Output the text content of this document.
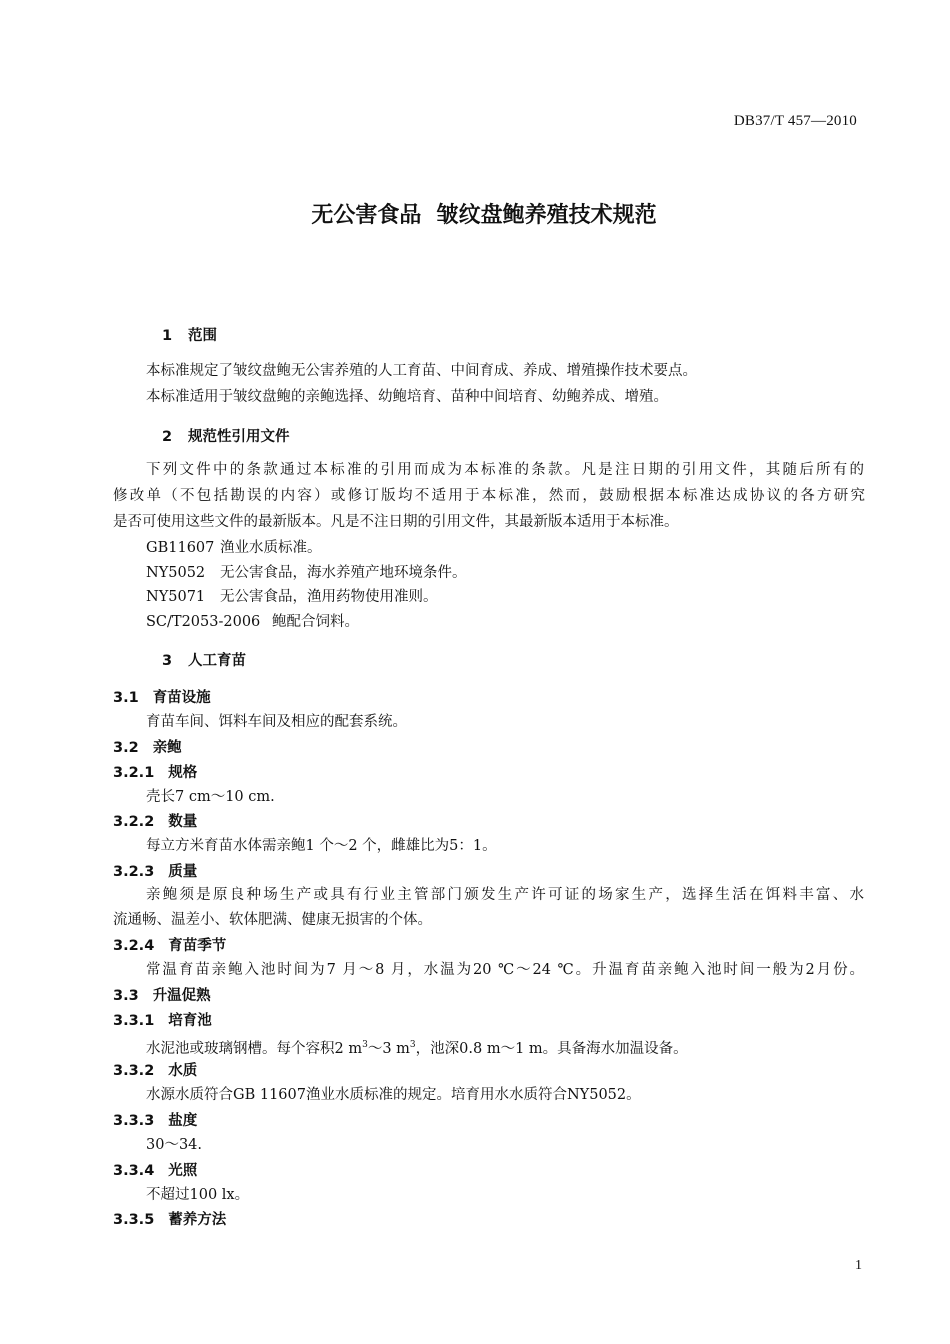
DB37/T 457—2010
无公害食品  皱纹盘鲍养殖技术规范
1 范围
本标准规定了皱纹盘鲍无公害养殖的人工育苗、中间育成、养成、增殖操作技术要点。
本标准适用于皱纹盘鲍的亲鲍选择、幼鲍培育、苗种中间培育、幼鲍养成、增殖。
2 规范性引用文件
下列文件中的条款通过本标准的引用而成为本标准的条款。凡是注日期的引用文件，其随后所有的
修改单（不包括勘误的内容）或修订版均不适用于本标准，然而，鼓励根据本标准达成协议的各方研究
是否可使用这些文件的最新版本。凡是不注日期的引用文件，其最新版本适用于本标准。
GB11607 渔业水质标准。
NY5052 无公害食品，海水养殖产地环境条件。
NY5071 无公害食品，渔用药物使用准则。
SC/T2053-2006 鲍配合饲料。
3 人工育苗
3.1 育苗设施
育苗车间、饵料车间及相应的配套系统。
3.2 亲鲍
3.2.1 规格
壳长7 cm～10 cm.
3.2.2 数量
每立方米育苗水体需亲鲍1 个～2 个，雌雄比为5：1。
3.2.3 质量
亲鲍须是原良种场生产或具有行业主管部门颁发生产许可证的场家生产，选择生活在饵料丰富、水
流通畅、温差小、软体肥满、健康无损害的个体。
3.2.4 育苗季节
常温育苗亲鲍入池时间为7 月～8 月，水温为20 ℃～24 ℃。升温育苗亲鲍入池时间一般为2月份。
3.3 升温促熟
3.3.1 培育池
水泥池或玻璃钢槽。每个容积2 $m^3\sim 3$ $m^3$，池深0.8 m～1 m。具备海水加温设备。
3.3.2 水质
水源水质符合GB 11607渔业水质标准的规定。培育用水水质符合NY5052。
3.3.3 盐度
30～34.
3.3.4 光照
不超过100 lx。
3.3.5 蓄养方法
1
